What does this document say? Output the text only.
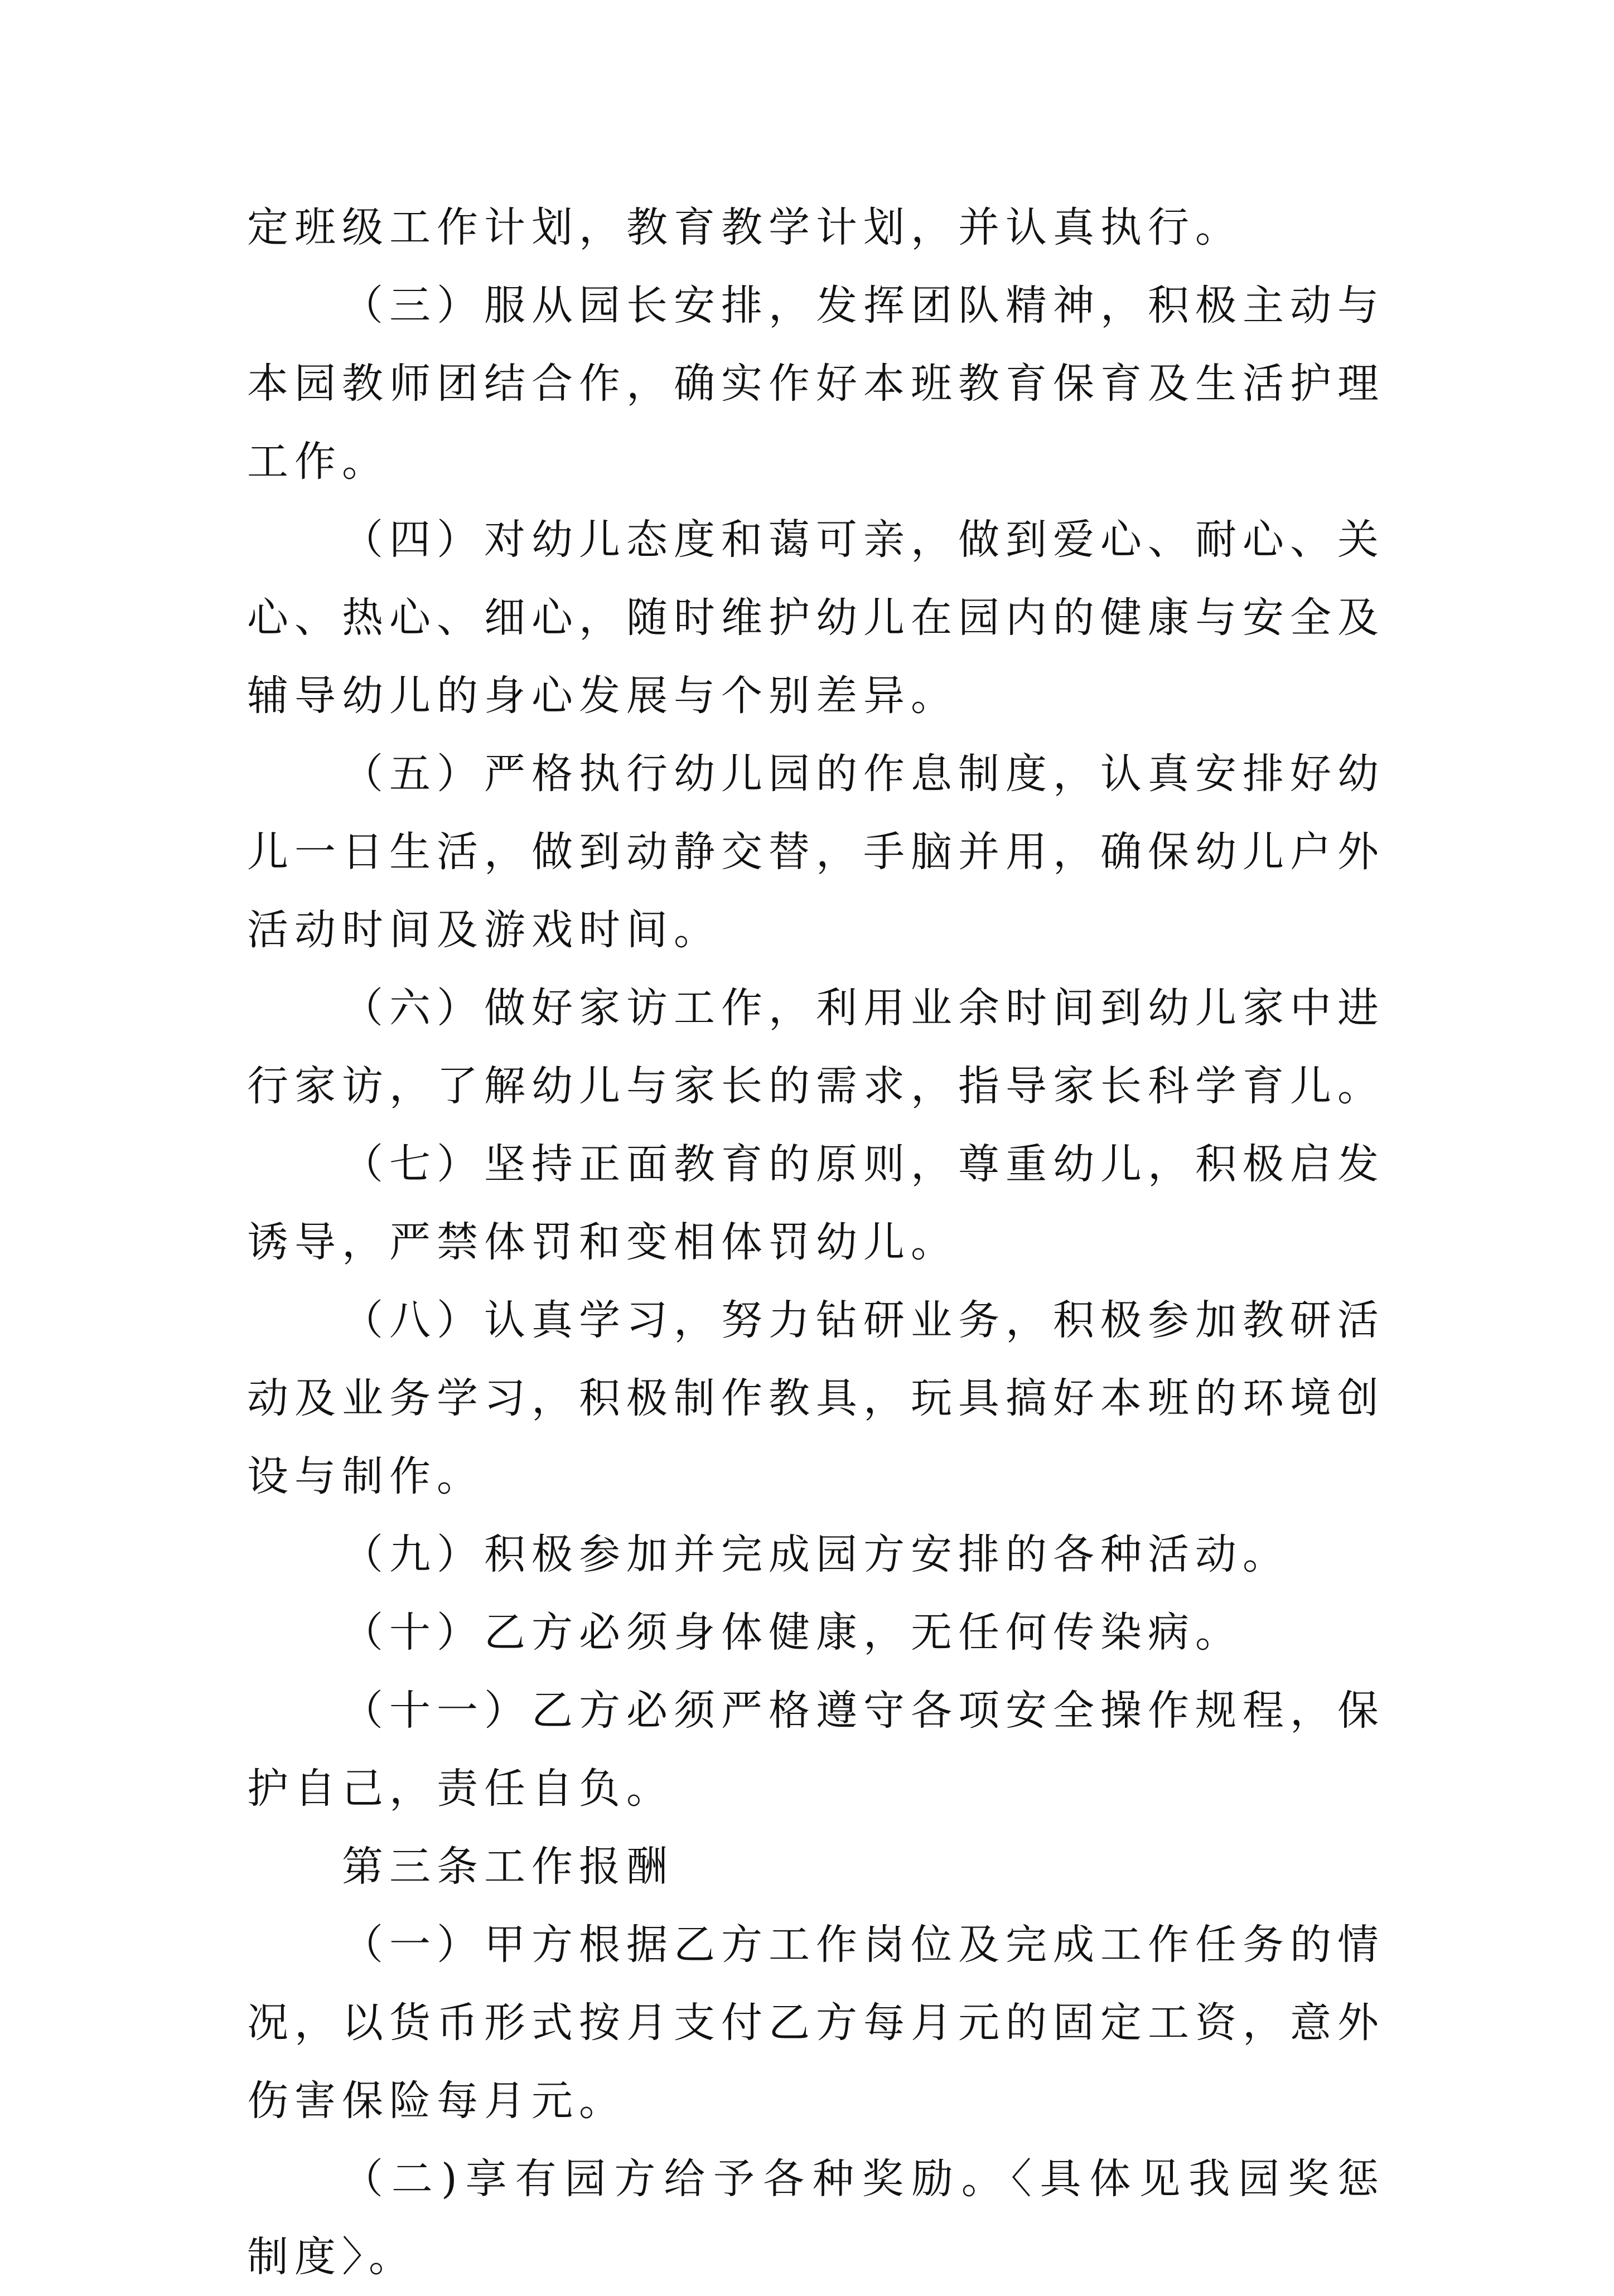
定班级工作计划，教育教学计划，并认真执行。

（三）服从园长安排，发挥团队精神，积极主动与本园教师团结合作，确实作好本班教育保育及生活护理工作。

（四）对幼儿态度和蔼可亲，做到爱心、耐心、关心、热心、细心，随时维护幼儿在园内的健康与安全及辅导幼儿的身心发展与个别差异。

（五）严格执行幼儿园的作息制度，认真安排好幼儿一日生活，做到动静交替，手脑并用，确保幼儿户外活动时间及游戏时间。

（六）做好家访工作，利用业余时间到幼儿家中进行家访，了解幼儿与家长的需求，指导家长科学育儿。

（七）坚持正面教育的原则，尊重幼儿，积极启发诱导，严禁体罚和变相体罚幼儿。

（八）认真学习，努力钻研业务，积极参加教研活动及业务学习，积极制作教具，玩具搞好本班的环境创设与制作。

（九）积极参加并完成园方安排的各种活动。

（十）乙方必须身体健康，无任何传染病。

（十一）乙方必须严格遵守各项安全操作规程，保护自己，责任自负。

第三条工作报酬

（一）甲方根据乙方工作岗位及完成工作任务的情况，以货币形式按月支付乙方每月元的固定工资，意外伤害保险每月元。

（二)享有园方给予各种奖励。〈具体见我园奖惩制度〉。
